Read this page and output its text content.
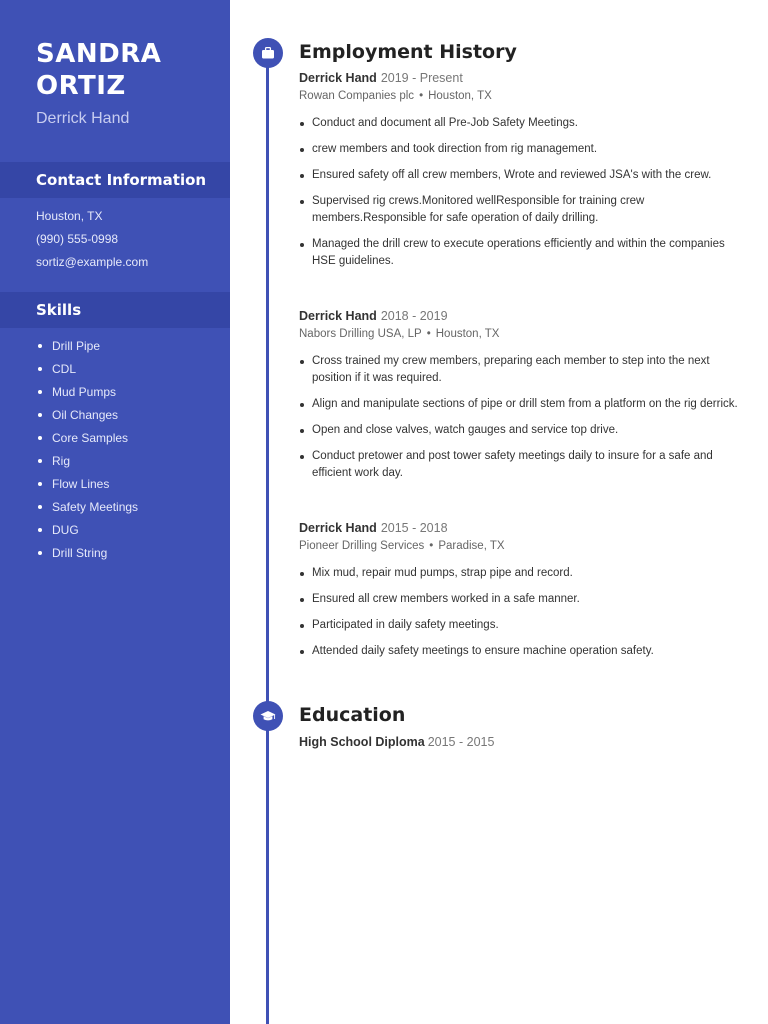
SANDRA
ORTIZ
Derrick Hand
Contact Information
Houston, TX
(990) 555-0998
sortiz@example.com
Skills
Drill Pipe
CDL
Mud Pumps
Oil Changes
Core Samples
Rig
Flow Lines
Safety Meetings
DUG
Drill String
Employment History
Derrick Hand 2019 - Present
Rowan Companies plc • Houston, TX
Conduct and document all Pre-Job Safety Meetings.
crew members and took direction from rig management.
Ensured safety off all crew members, Wrote and reviewed JSA's with the crew.
Supervised rig crews.Monitored wellResponsible for training crew members.Responsible for safe operation of daily drilling.
Managed the drill crew to execute operations efficiently and within the companies HSE guidelines.
Derrick Hand 2018 - 2019
Nabors Drilling USA, LP • Houston, TX
Cross trained my crew members, preparing each member to step into the next position if it was required.
Align and manipulate sections of pipe or drill stem from a platform on the rig derrick.
Open and close valves, watch gauges and service top drive.
Conduct pretower and post tower safety meetings daily to insure for a safe and efficient work day.
Derrick Hand 2015 - 2018
Pioneer Drilling Services • Paradise, TX
Mix mud, repair mud pumps, strap pipe and record.
Ensured all crew members worked in a safe manner.
Participated in daily safety meetings.
Attended daily safety meetings to ensure machine operation safety.
Education
High School Diploma 2015 - 2015
